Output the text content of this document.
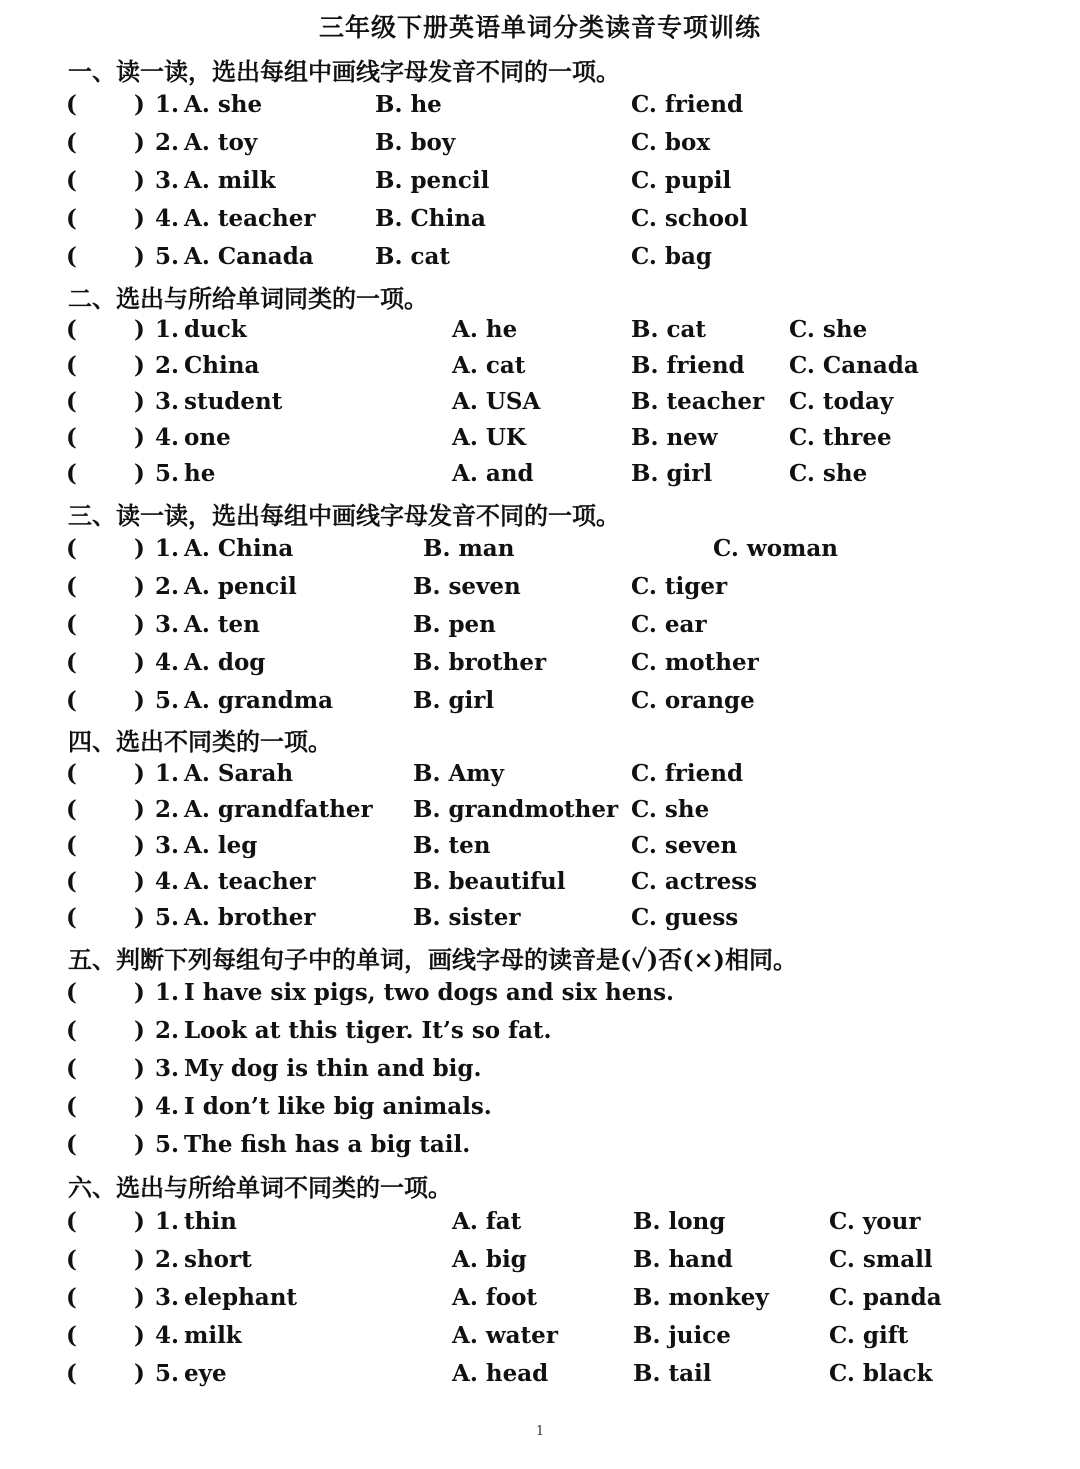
三年级下册英语单词分类读音专项训练
一、读一读，选出每组中画线字母发音不同的一项。
( ) 1. A. she	B. he	C. friend
( ) 2. A. toy	B. boy	C. box
( ) 3. A. milk	B. pencil	C. pupil
( ) 4. A. teacher	B. China	C. school
( ) 5. A. Canada	B. cat	C. bag
二、选出与所给单词同类的一项。
( ) 1. duck	A. he	B. cat	C. she
( ) 2. China	A. cat	B. friend C. Canada
( ) 3. student	A. USA	B. teacher C. today
( ) 4. one	A. UK	B. new	C. three
( ) 5. he	A. and	B. girl	C. she
三、读一读，选出每组中画线字母发音不同的一项。
( ) 1. A. China	B. man	C. woman
( ) 2. A. pencil	B. seven	C. tiger
( ) 3. A. ten	B. pen	C. ear
( ) 4. A. dog	B. brother	C. mother
( ) 5. A. grandma	B. girl	C. orange
四、选出不同类的一项。
( ) 1. A. Sarah	B. Amy	C. friend
( ) 2. A. grandfather B. grandmother C. she
( ) 3. A. leg	B. ten	C. seven
( ) 4. A. teacher	B. beautiful	C. actress
( ) 5. A. brother	B. sister	C. guess
五、判断下列每组句子中的单词，画线字母的读音是(✓)否(×)相同。
( ) 1. I have six pigs, two dogs and six hens.
( ) 2. Look at this tiger. It’s so fat.
( ) 3. My dog is thin and big.
( ) 4. I don’t like big animals.
( ) 5. The fish has a big tail.
六、选出与所给单词不同类的一项。
( ) 1. thin	A. fat	B. long	C. your
( ) 2. short	A. big	B. hand	C. small
( ) 3. elephant	A. foot	B. monkey	C. panda
( ) 4. milk	A. water	B. juice	C. gift
( ) 5. eye	A. head	B. tail	C. black
1
